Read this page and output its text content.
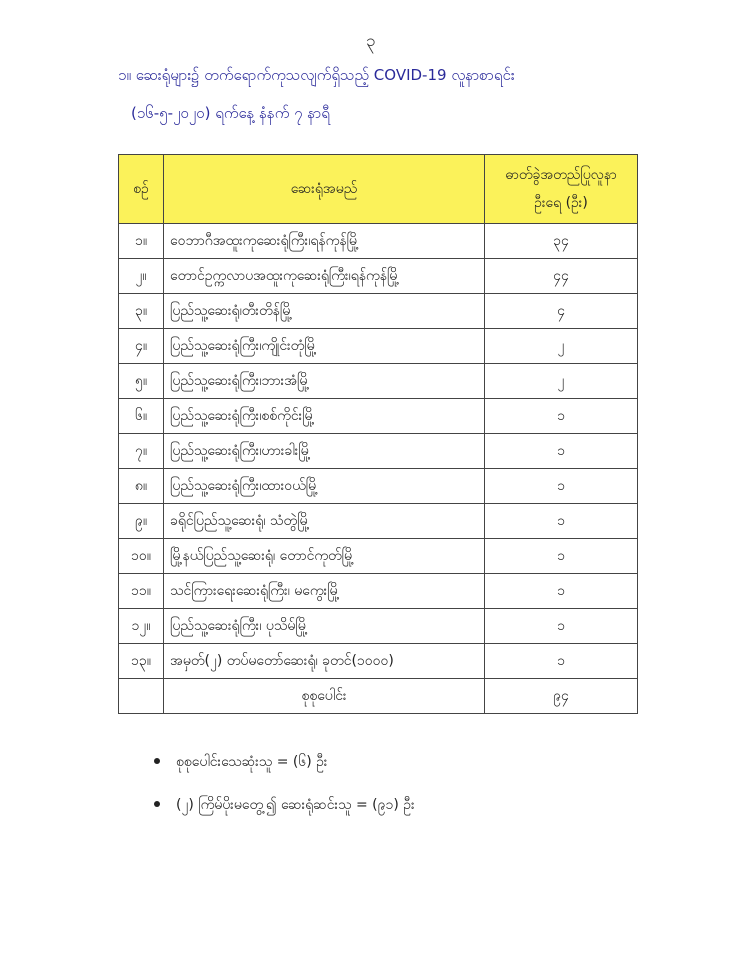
၃
၁။ ဆေးရုံများ၌ တက်ရောက်ကုသလျက်ရှိသည့် COVID-19 လူနာစာရင်း
(၁၆-၅-၂၀၂၀) ရက်နေ့ နံနက် ၇ နာရီ
စဉ်	ဆေးရုံအမည်	ဓာတ်ခွဲအတည်ပြုလူနာ
ဦးရေ (ဦး)

၁။	ဝေဘာဂီအထူးကုဆေးရုံကြီး၊ရန်ကုန်မြို့	၃၄
၂။	တောင်ဥက္ကလာပအထူးကုဆေးရုံကြီး၊ရန်ကုန်မြို့	၄၄
၃။	ပြည်သူ့ဆေးရုံ၊တီးတိန်မြို့	၄
၄။	ပြည်သူ့ဆေးရုံကြီး၊ကျိုင်းတုံမြို့	၂
၅။	ပြည်သူ့ဆေးရုံကြီး၊ဘားအံမြို့	၂
၆။	ပြည်သူ့ဆေးရုံကြီး၊စစ်ကိုင်းမြို့	၁
၇။	ပြည်သူ့ဆေးရုံကြီး၊ဟားခါးမြို့	၁
၈။	ပြည်သူ့ဆေးရုံကြီး၊ထားဝယ်မြို့	၁
၉။	ခရိုင်ပြည်သူ့ဆေးရုံ၊ သံတွဲမြို့	၁
၁၀။	မြို့နယ်ပြည်သူ့ဆေးရုံ၊ တောင်ကုတ်မြို့	၁
၁၁။	သင်ကြားရေးဆေးရုံကြီး၊ မကွေးမြို့	၁
၁၂။	ပြည်သူ့ဆေးရုံကြီး၊ ပုသိမ်မြို့	၁
၁၃။	အမှတ်(၂) တပ်မတော်ဆေးရုံ၊ ခုတင်(၁၀၀၀)	၁
	စုစုပေါင်း	၉၄
စုစုပေါင်းသေဆုံးသူ = (၆) ဦး
(၂) ကြိမ်ပိုးမတွေ့၍ ဆေးရုံဆင်းသူ = (၉၁) ဦး
